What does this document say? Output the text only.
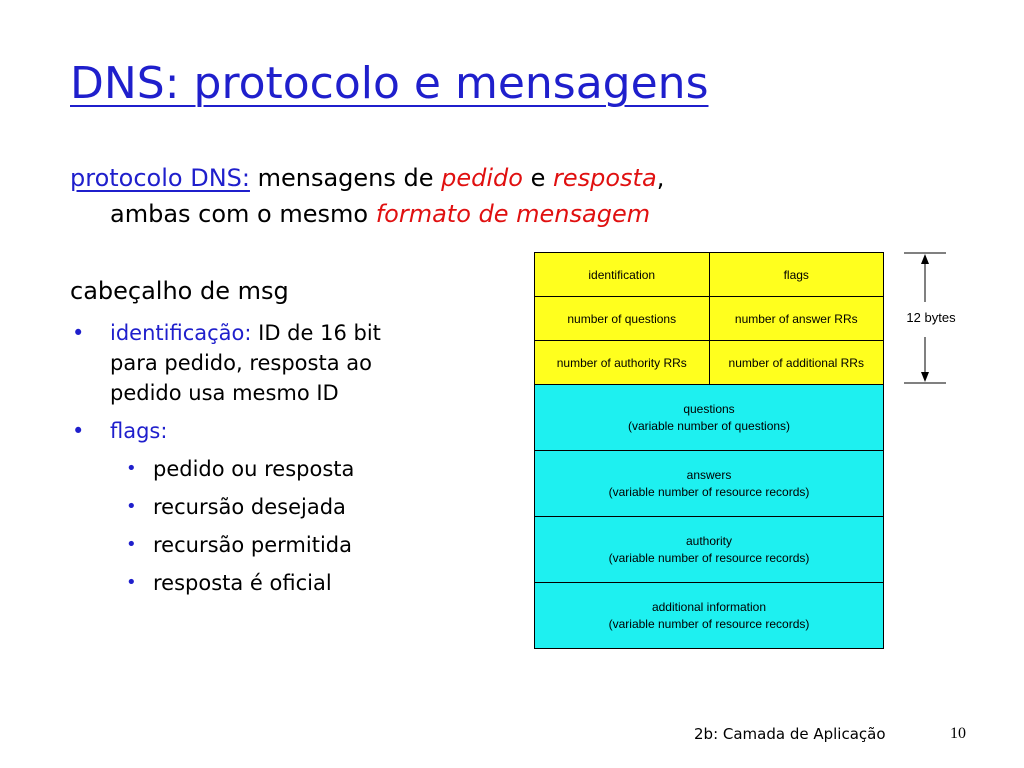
DNS: protocolo e mensagens
protocolo DNS: mensagens de pedido e resposta,
ambas com o mesmo formato de mensagem
cabeçalho de msg
• identificação: ID de 16 bit
para pedido, resposta ao
pedido usa mesmo ID
• flags:
• pedido ou resposta
• recursão desejada
• recursão permitida
• resposta é oficial
identification	flags
number of questions	number of answer RRs
number of authority RRs	number of additional RRs
questions
(variable number of questions)
answers
(variable number of resource records)
authority
(variable number of resource records)
additional information
(variable number of resource records)
12 bytes
2b: Camada de Aplicação	10
